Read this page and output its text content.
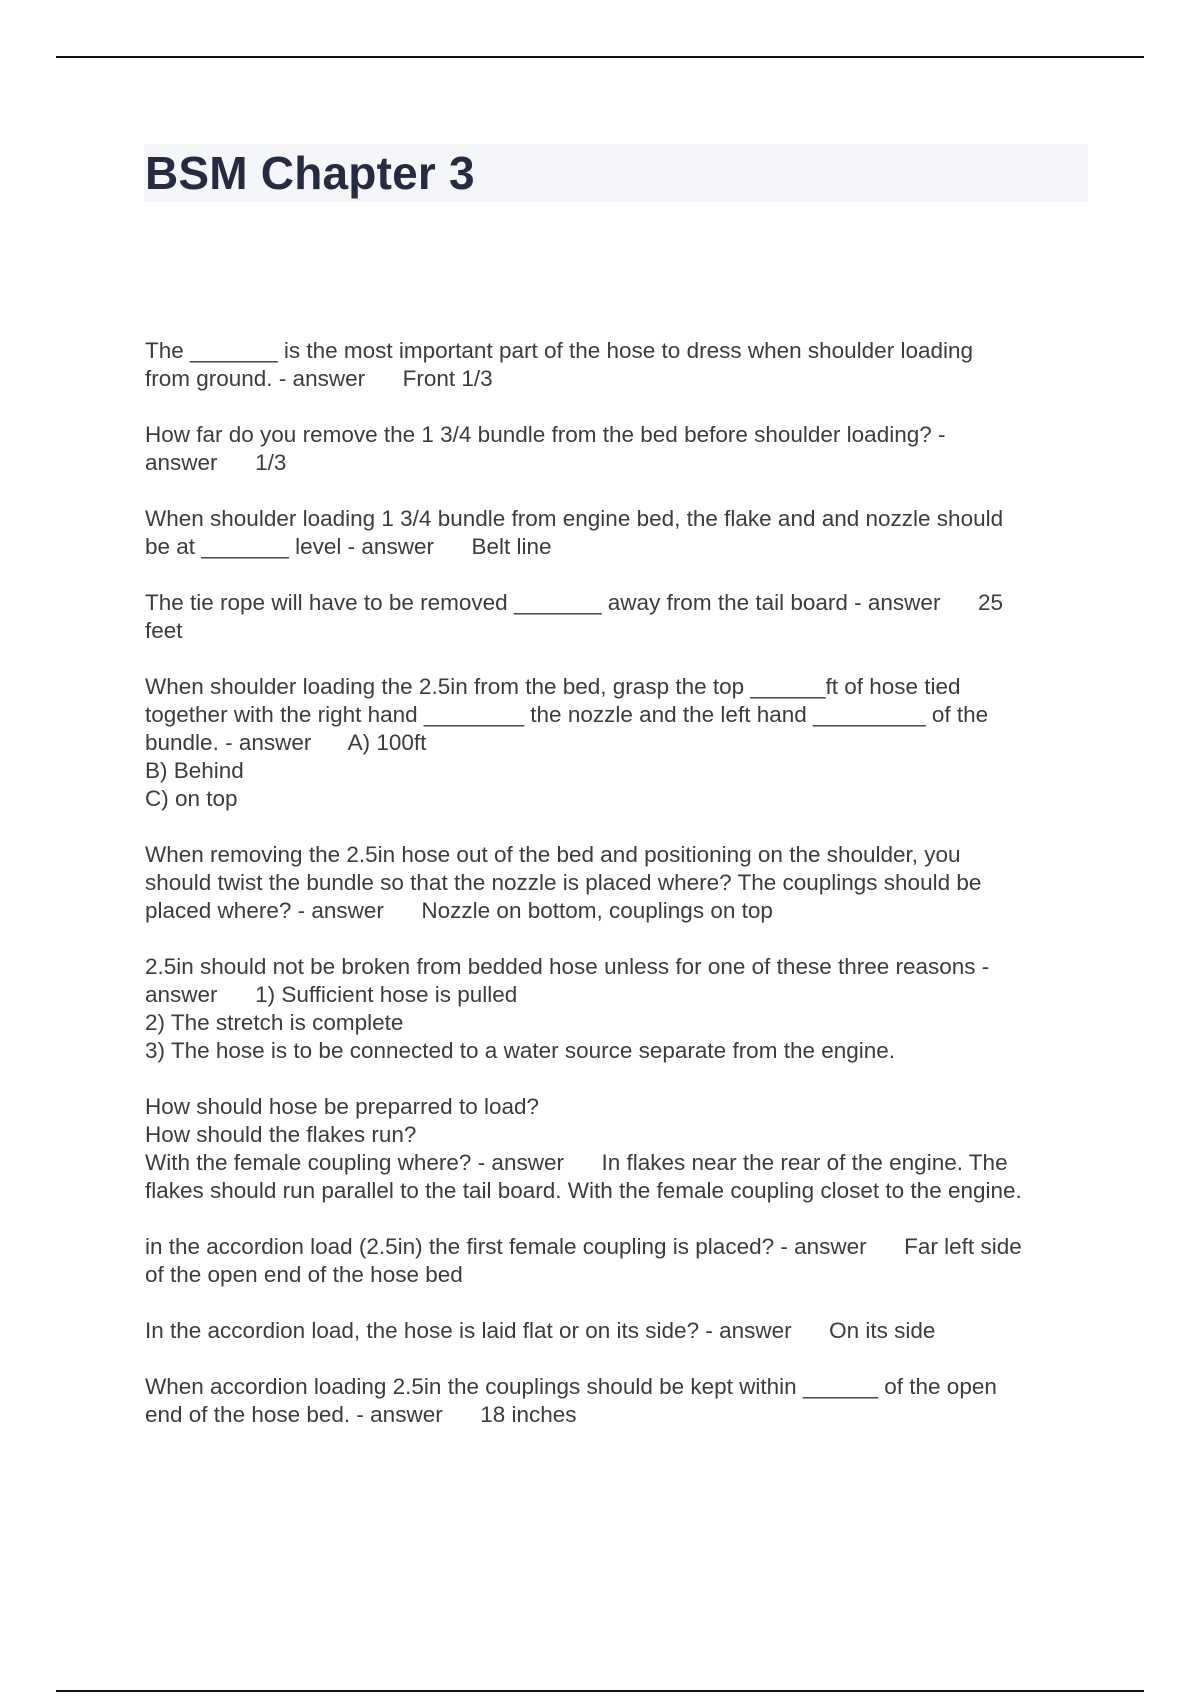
BSM Chapter 3

The _______ is the most important part of the hose to dress when shoulder loading
from ground. - answer      Front 1/3

How far do you remove the 1 3/4 bundle from the bed before shoulder loading? -
answer 1/3

When shoulder loading 1 3/4 bundle from engine bed, the flake and and nozzle should
be at _______ level - answer      Belt line

The tie rope will have to be removed _______ away from the tail board - answer      25
feet

When shoulder loading the 2.5in from the bed, grasp the top ______ft of hose tied
together with the right hand ________ the nozzle and the left hand _________ of the
bundle. - answer      A) 100ft
B) Behind
C) on top

When removing the 2.5in hose out of the bed and positioning on the shoulder, you
should twist the bundle so that the nozzle is placed where? The couplings should be
placed where? - answer      Nozzle on bottom, couplings on top

2.5in should not be broken from bedded hose unless for one of these three reasons -
answer 1) Sufficient hose is pulled
2) The stretch is complete
3) The hose is to be connected to a water source separate from the engine.

How should hose be preparred to load?
How should the flakes run?
With the female coupling where? - answer      In flakes near the rear of the engine. The
flakes should run parallel to the tail board. With the female coupling closet to the engine.

in the accordion load (2.5in) the first female coupling is placed? - answer      Far left side
of the open end of the hose bed

In the accordion load, the hose is laid flat or on its side? - answer      On its side

When accordion loading 2.5in the couplings should be kept within ______ of the open
end of the hose bed. - answer      18 inches
